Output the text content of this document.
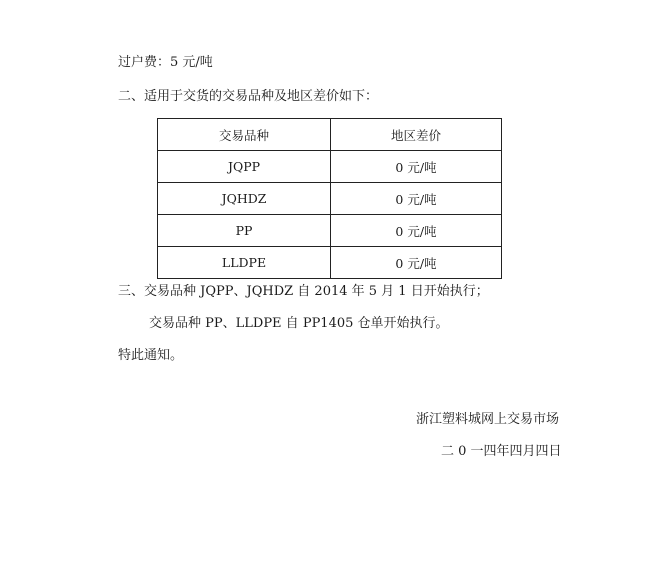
过户费：5 元/吨
二、适用于交货的交易品种及地区差价如下：
交易品种	地区差价
JQPP	0 元/吨
JQHDZ	0 元/吨
PP	0 元/吨
LLDPE	0 元/吨
三、交易品种 JQPP、JQHDZ 自 2014 年 5 月 1 日开始执行；
交易品种 PP、LLDPE 自 PP1405 仓单开始执行。
特此通知。
浙江塑料城网上交易市场
二 0 一四年四月四日
